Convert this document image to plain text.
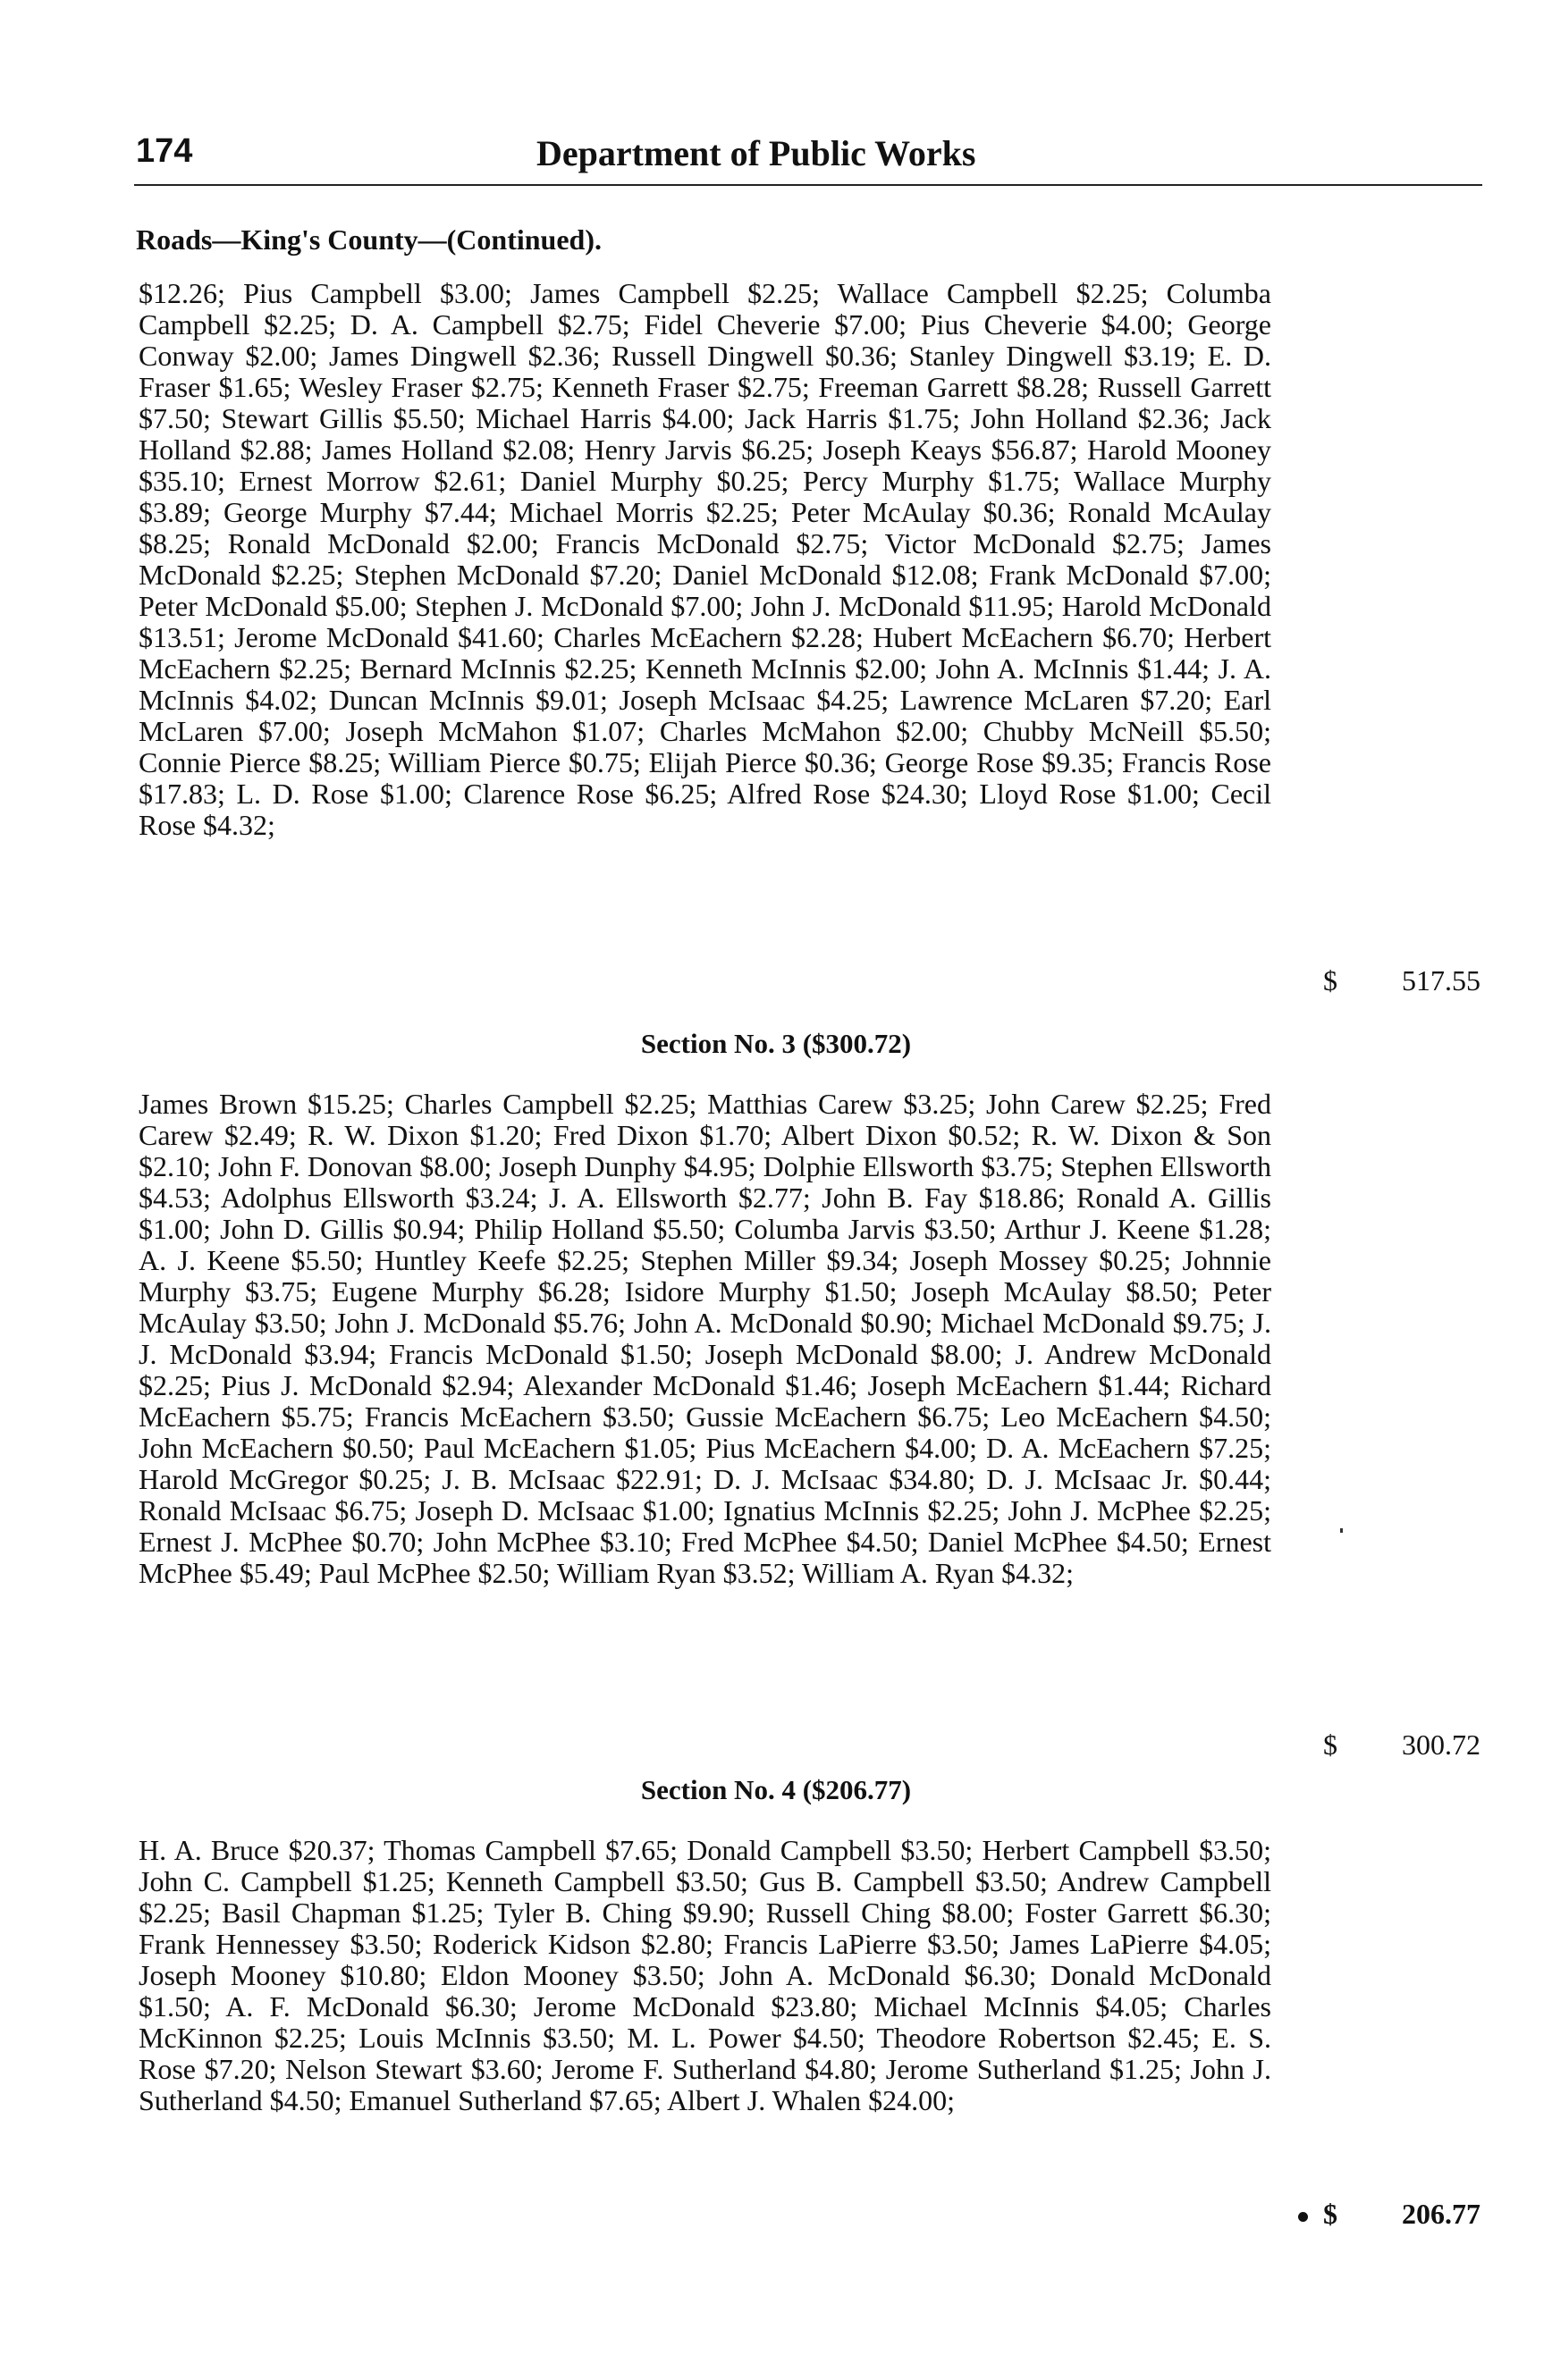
174	Department of Public Works
Roads—King's County—(Continued).
$12.26; Pius Campbell $3.00; James Campbell $2.25; Wallace Campbell $2.25; Columba Campbell $2.25; D. A. Campbell $2.75; Fidel Cheverie $7.00; Pius Cheverie $4.00; George Conway $2.00; James Dingwell $2.36; Russell Dingwell $0.36; Stanley Dingwell $3.19; E. D. Fraser $1.65; Wesley Fraser $2.75; Kenneth Fraser $2.75; Freeman Garrett $8.28; Russell Garrett $7.50; Stewart Gillis $5.50; Michael Harris $4.00; Jack Harris $1.75; John Holland $2.36; Jack Holland $2.88; James Holland $2.08; Henry Jarvis $6.25; Joseph Keays $56.87; Harold Mooney $35.10; Ernest Morrow $2.61; Daniel Murphy $0.25; Percy Murphy $1.75; Wallace Murphy $3.89; George Murphy $7.44; Michael Morris $2.25; Peter McAulay $0.36; Ronald McAulay $8.25; Ronald McDonald $2.00; Francis McDonald $2.75; Victor McDonald $2.75; James McDonald $2.25; Stephen McDonald $7.20; Daniel McDonald $12.08; Frank McDonald $7.00; Peter McDonald $5.00; Stephen J. McDonald $7.00; John J. McDonald $11.95; Harold McDonald $13.51; Jerome McDonald $41.60; Charles McEachern $2.28; Hubert McEachern $6.70; Herbert McEachern $2.25; Bernard McInnis $2.25; Kenneth McInnis $2.00; John A. McInnis $1.44; J. A. McInnis $4.02; Duncan McInnis $9.01; Joseph McIsaac $4.25; Lawrence McLaren $7.20; Earl McLaren $7.00; Joseph McMahon $1.07; Charles McMahon $2.00; Chubby McNeill $5.50; Connie Pierce $8.25; William Pierce $0.75; Elijah Pierce $0.36; George Rose $9.35; Francis Rose $17.83; L. D. Rose $1.00; Clarence Rose $6.25; Alfred Rose $24.30; Lloyd Rose $1.00; Cecil Rose $4.32;
$ 517.55
Section No. 3 ($300.72)
James Brown $15.25; Charles Campbell $2.25; Matthias Carew $3.25; John Carew $2.25; Fred Carew $2.49; R. W. Dixon $1.20; Fred Dixon $1.70; Albert Dixon $0.52; R. W. Dixon & Son $2.10; John F. Donovan $8.00; Joseph Dunphy $4.95; Dolphie Ellsworth $3.75; Stephen Ellsworth $4.53; Adolphus Ellsworth $3.24; J. A. Ellsworth $2.77; John B. Fay $18.86; Ronald A. Gillis $1.00; John D. Gillis $0.94; Philip Holland $5.50; Columba Jarvis $3.50; Arthur J. Keene $1.28; A. J. Keene $5.50; Huntley Keefe $2.25; Stephen Miller $9.34; Joseph Mossey $0.25; Johnnie Murphy $3.75; Eugene Murphy $6.28; Isidore Murphy $1.50; Joseph McAulay $8.50; Peter McAulay $3.50; John J. McDonald $5.76; John A. McDonald $0.90; Michael McDonald $9.75; J. J. McDonald $3.94; Francis McDonald $1.50; Joseph McDonald $8.00; J. Andrew McDonald $2.25; Pius J. McDonald $2.94; Alexander McDonald $1.46; Joseph McEachern $1.44; Richard McEachern $5.75; Francis McEachern $3.50; Gussie McEachern $6.75; Leo McEachern $4.50; John McEachern $0.50; Paul McEachern $1.05; Pius McEachern $4.00; D. A. McEachern $7.25; Harold McGregor $0.25; J. B. McIsaac $22.91; D. J. McIsaac $34.80; D. J. McIsaac Jr. $0.44; Ronald McIsaac $6.75; Joseph D. McIsaac $1.00; Ignatius McInnis $2.25; John J. McPhee $2.25; Ernest J. McPhee $0.70; John McPhee $3.10; Fred McPhee $4.50; Daniel McPhee $4.50; Ernest McPhee $5.49; Paul McPhee $2.50; William Ryan $3.52; William A. Ryan $4.32;
$ 300.72
Section No. 4 ($206.77)
H. A. Bruce $20.37; Thomas Campbell $7.65; Donald Campbell $3.50; Herbert Campbell $3.50; John C. Campbell $1.25; Kenneth Campbell $3.50; Gus B. Campbell $3.50; Andrew Campbell $2.25; Basil Chapman $1.25; Tyler B. Ching $9.90; Russell Ching $8.00; Foster Garrett $6.30; Frank Hennessey $3.50; Roderick Kidson $2.80; Francis LaPierre $3.50; James LaPierre $4.05; Joseph Mooney $10.80; Eldon Mooney $3.50; John A. McDonald $6.30; Donald McDonald $1.50; A. F. McDonald $6.30; Jerome McDonald $23.80; Michael McInnis $4.05; Charles McKinnon $2.25; Louis McInnis $3.50; M. L. Power $4.50; Theodore Robertson $2.45; E. S. Rose $7.20; Nelson Stewart $3.60; Jerome F. Sutherland $4.80; Jerome Sutherland $1.25; John J. Sutherland $4.50; Emanuel Sutherland $7.65; Albert J. Whalen $24.00;
$ 206.77
